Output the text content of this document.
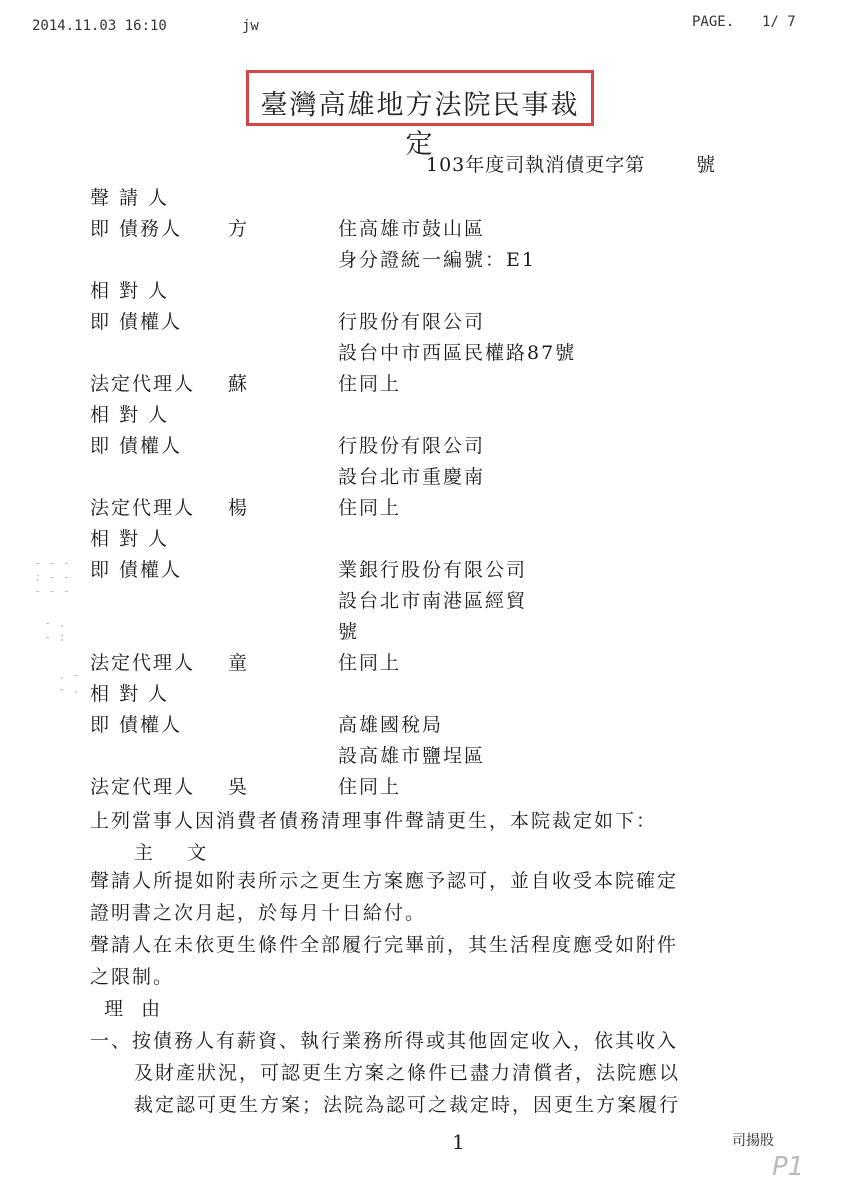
2014.11.03 16:10	jw	PAGE. 1/ 7
臺灣高雄地方法院民事裁定
103年度司執消債更字第	號
聲請人
即 債務人 方	住高雄市鼓山區
身分證統一編號：E1
相對人
即 債權人	行股份有限公司
設台中市西區民權路87號
法定代理人 蘇	住同上
相對人
即 債權人	行股份有限公司
設台北市重慶南
法定代理人 楊	住同上
相對人
即 債權人	業銀行股份有限公司
設台北市南港區經貿
號
法定代理人 童	住同上
相對人
即 債權人	高雄國稅局
設高雄市鹽埕區
法定代理人 吳	住同上
上列當事人因消費者債務清理事件聲請更生，本院裁定如下：
主    文
聲請人所提如附表所示之更生方案應予認可，並自收受本院確定
證明書之次月起，於每月十日給付。
聲請人在未依更生條件全部履行完畢前，其生活程度應受如附件
之限制。
理  由
一、按債務人有薪資、執行業務所得或其他固定收入，依其收入
及財產狀況，可認更生方案之條件已盡力清償者，法院應以
裁定認可更生方案；法院為認可之裁定時，因更生方案履行
1	司揚股
P1
- - -
: - -
- - -
- .
- :
. -
- .
